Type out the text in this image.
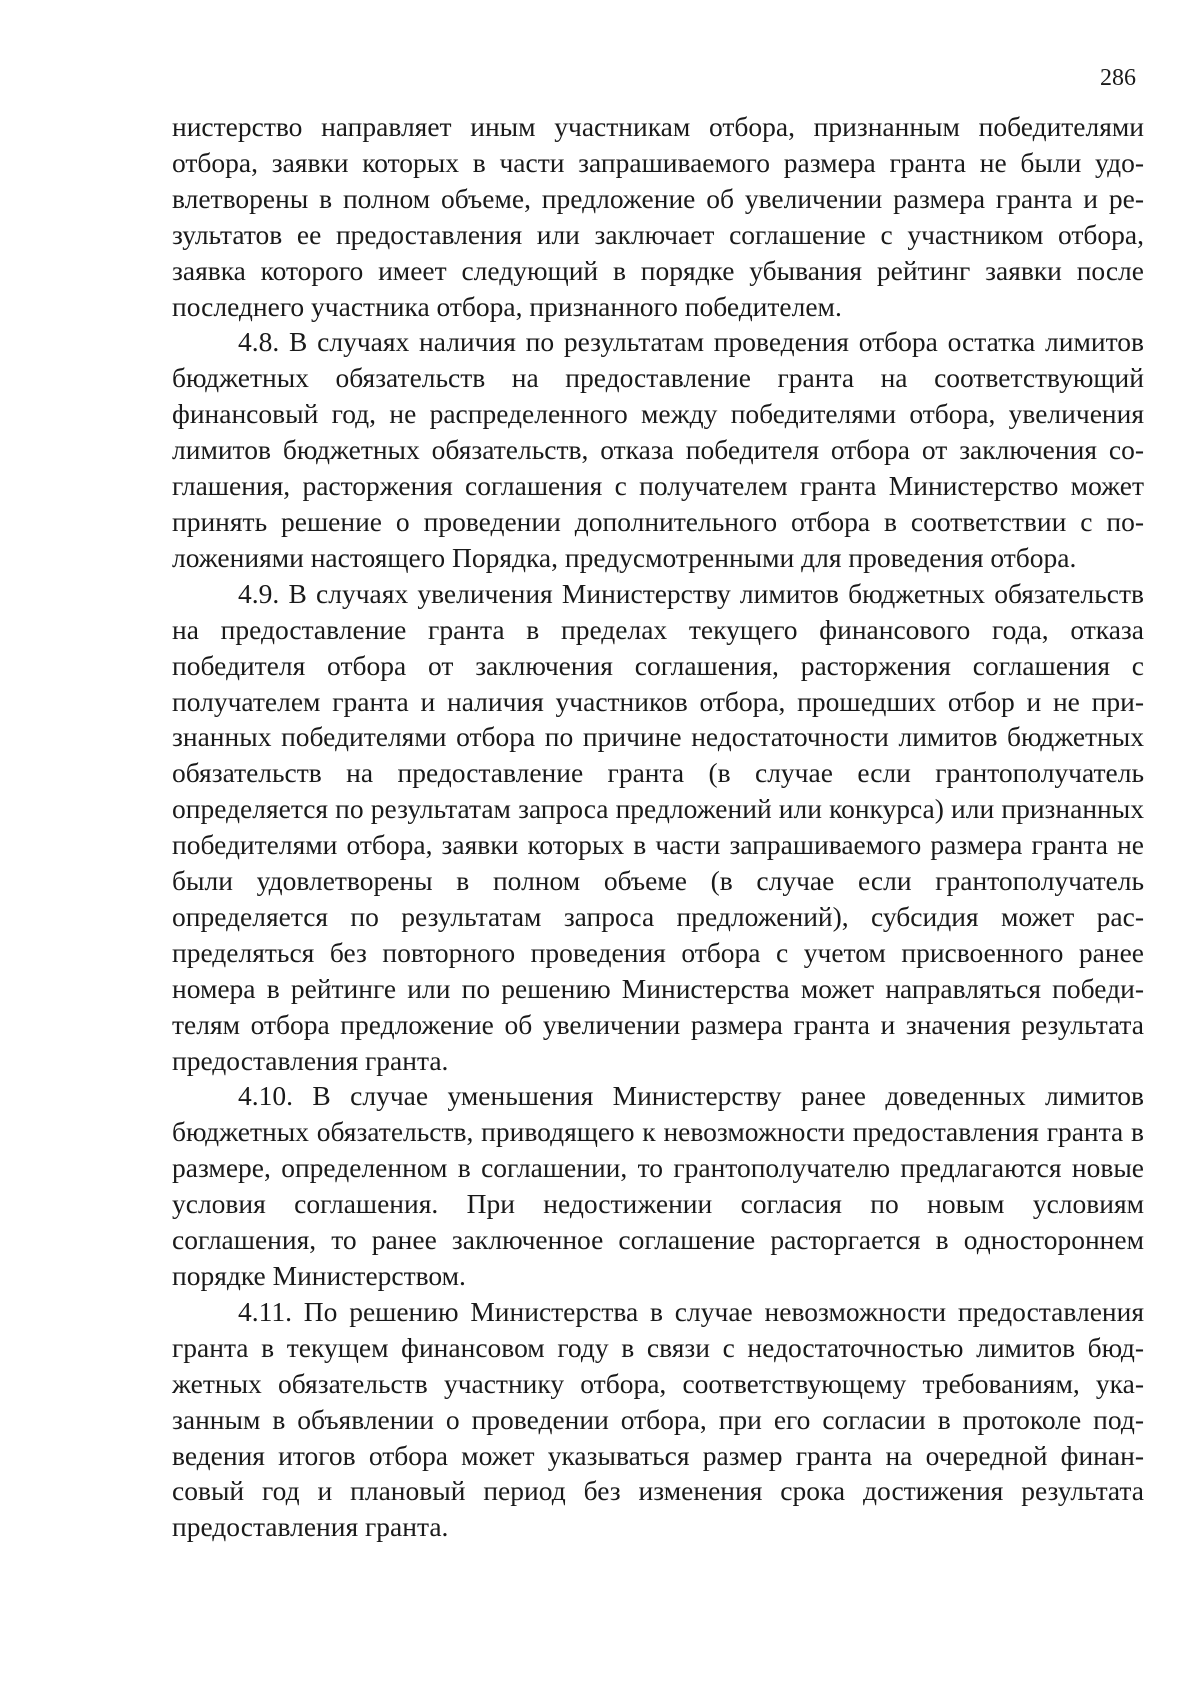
286

нистерство направляет иным участникам отбора, признанным победителями отбора, заявки которых в части запрашиваемого размера гранта не были удовлетворены в полном объеме, предложение об увеличении размера гранта и результатов ее предоставления или заключает соглашение с участником отбора, заявка которого имеет следующий в порядке убывания рейтинг заявки после последнего участника отбора, признанного победителем.

4.8. В случаях наличия по результатам проведения отбора остатка лимитов бюджетных обязательств на предоставление гранта на соответствующий финансовый год, не распределенного между победителями отбора, увеличения лимитов бюджетных обязательств, отказа победителя отбора от заключения соглашения, расторжения соглашения с получателем гранта Министерство может принять решение о проведении дополнительного отбора в соответствии с положениями настоящего Порядка, предусмотренными для проведения отбора.

4.9. В случаях увеличения Министерству лимитов бюджетных обязательств на предоставление гранта в пределах текущего финансового года, отказа победителя отбора от заключения соглашения, расторжения соглашения с получателем гранта и наличия участников отбора, прошедших отбор и не признанных победителями отбора по причине недостаточности лимитов бюджетных обязательств на предоставление гранта (в случае если грантополучатель определяется по результатам запроса предложений или конкурса) или признанных победителями отбора, заявки которых в части запрашиваемого размера гранта не были удовлетворены в полном объеме (в случае если грантополучатель определяется по результатам запроса предложений), субсидия может распределяться без повторного проведения отбора с учетом присвоенного ранее номера в рейтинге или по решению Министерства может направляться победителям отбора предложение об увеличении размера гранта и значения результата предоставления гранта.

4.10. В случае уменьшения Министерству ранее доведенных лимитов бюджетных обязательств, приводящего к невозможности предоставления гранта в размере, определенном в соглашении, то грантополучателю предлагаются новые условия соглашения. При недостижении согласия по новым условиям соглашения, то ранее заключенное соглашение расторгается в одностороннем порядке Министерством.

4.11. По решению Министерства в случае невозможности предоставления гранта в текущем финансовом году в связи с недостаточностью лимитов бюджетных обязательств участнику отбора, соответствующему требованиям, указанным в объявлении о проведении отбора, при его согласии в протоколе подведения итогов отбора может указываться размер гранта на очередной финансовый год и плановый период без изменения срока достижения результата предоставления гранта.
